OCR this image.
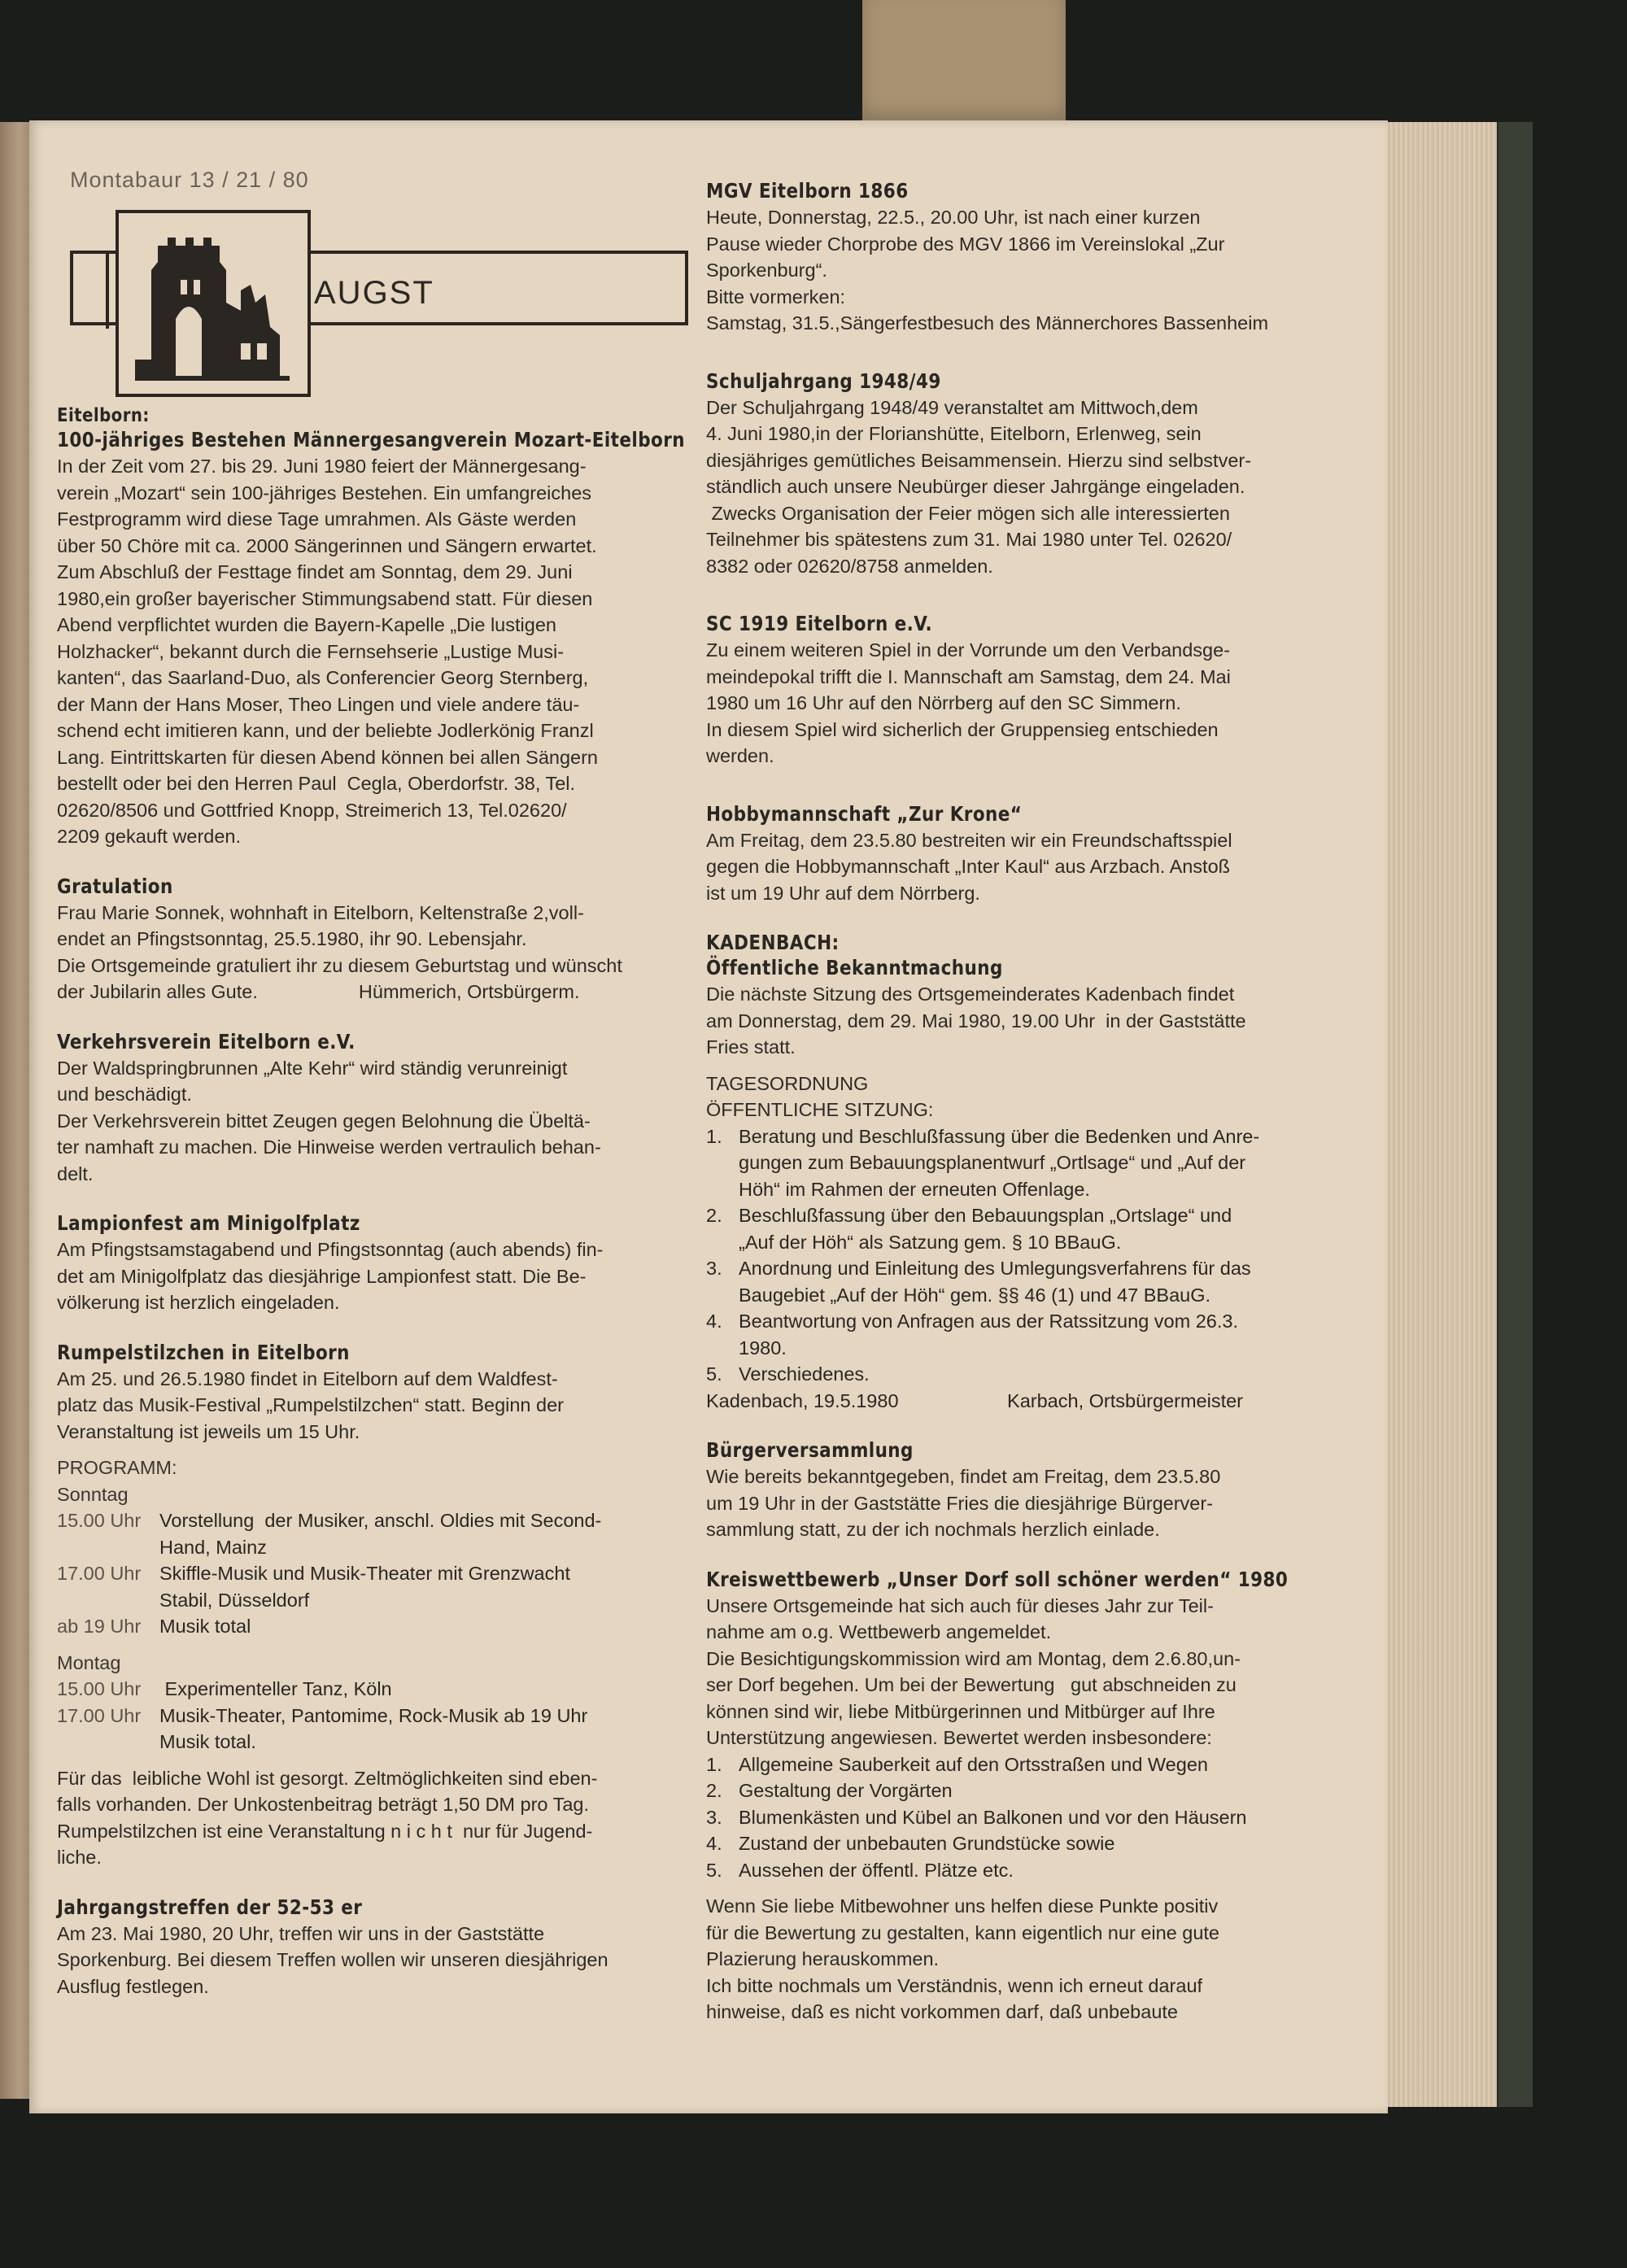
Montabaur 13 / 21 / 80
AUGST
Eitelborn:
100-jähriges Bestehen Männergesangverein Mozart-Eitelborn
In der Zeit vom 27. bis 29. Juni 1980 feiert der Männergesang-
verein „Mozart“ sein 100-jähriges Bestehen. Ein umfangreiches
Festprogramm wird diese Tage umrahmen. Als Gäste werden
über 50 Chöre mit ca. 2000 Sängerinnen und Sängern erwartet.
Zum Abschluß der Festtage findet am Sonntag, dem 29. Juni
1980,ein großer bayerischer Stimmungsabend statt. Für diesen
Abend verpflichtet wurden die Bayern-Kapelle „Die lustigen
Holzhacker“, bekannt durch die Fernsehserie „Lustige Musi-
kanten“, das Saarland-Duo, als Conferencier Georg Sternberg,
der Mann der Hans Moser, Theo Lingen und viele andere täu-
schend echt imitieren kann, und der beliebte Jodlerkönig Franzl
Lang. Eintrittskarten für diesen Abend können bei allen Sängern
bestellt oder bei den Herren Paul  Cegla, Oberdorfstr. 38, Tel.
02620/8506 und Gottfried Knopp, Streimerich 13, Tel.02620/
2209 gekauft werden.
Gratulation
Frau Marie Sonnek, wohnhaft in Eitelborn, Keltenstraße 2,voll-
endet an Pfingstsonntag, 25.5.1980, ihr 90. Lebensjahr.
Die Ortsgemeinde gratuliert ihr zu diesem Geburtstag und wünscht
der Jubilarin alles Gute.                   Hümmerich, Ortsbürgerm.
Verkehrsverein Eitelborn e.V.
Der Waldspringbrunnen „Alte Kehr“ wird ständig verunreinigt
und beschädigt.
Der Verkehrsverein bittet Zeugen gegen Belohnung die Übeltä-
ter namhaft zu machen. Die Hinweise werden vertraulich behan-
delt.
Lampionfest am Minigolfplatz
Am Pfingstsamstagabend und Pfingstsonntag (auch abends) fin-
det am Minigolfplatz das diesjährige Lampionfest statt. Die Be-
völkerung ist herzlich eingeladen.
Rumpelstilzchen in Eitelborn
Am 25. und 26.5.1980 findet in Eitelborn auf dem Waldfest-
platz das Musik-Festival „Rumpelstilzchen“ statt. Beginn der
Veranstaltung ist jeweils um 15 Uhr.
PROGRAMM:
Sonntag
15.00 Uhr Vorstellung  der Musiker, anschl. Oldies mit Second-
Hand, Mainz
17.00 Uhr Skiffle-Musik und Musik-Theater mit Grenzwacht
Stabil, Düsseldorf
ab 19 Uhr Musik total
Montag
15.00 Uhr Experimenteller Tanz, Köln
17.00 Uhr Musik-Theater, Pantomime, Rock-Musik ab 19 Uhr
Musik total.
Für das  leibliche Wohl ist gesorgt. Zeltmöglichkeiten sind eben-
falls vorhanden. Der Unkostenbeitrag beträgt 1,50 DM pro Tag.
Rumpelstilzchen ist eine Veranstaltung n i c h t  nur für Jugend-
liche.
Jahrgangstreffen der 52-53 er
Am 23. Mai 1980, 20 Uhr, treffen wir uns in der Gaststätte
Sporkenburg. Bei diesem Treffen wollen wir unseren diesjährigen
Ausflug festlegen.
MGV Eitelborn 1866
Heute, Donnerstag, 22.5., 20.00 Uhr, ist nach einer kurzen
Pause wieder Chorprobe des MGV 1866 im Vereinslokal „Zur
Sporkenburg“.
Bitte vormerken:
Samstag, 31.5.,Sängerfestbesuch des Männerchores Bassenheim
Schuljahrgang 1948/49
Der Schuljahrgang 1948/49 veranstaltet am Mittwoch,dem
4. Juni 1980,in der Florianshütte, Eitelborn, Erlenweg, sein
diesjähriges gemütliches Beisammensein. Hierzu sind selbstver-
ständlich auch unsere Neubürger dieser Jahrgänge eingeladen.
Zwecks Organisation der Feier mögen sich alle interessierten
Teilnehmer bis spätestens zum 31. Mai 1980 unter Tel. 02620/
8382 oder 02620/8758 anmelden.
SC 1919 Eitelborn e.V.
Zu einem weiteren Spiel in der Vorrunde um den Verbandsge-
meindepokal trifft die I. Mannschaft am Samstag, dem 24. Mai
1980 um 16 Uhr auf den Nörrberg auf den SC Simmern.
In diesem Spiel wird sicherlich der Gruppensieg entschieden
werden.
Hobbymannschaft „Zur Krone“
Am Freitag, dem 23.5.80 bestreiten wir ein Freundschaftsspiel
gegen die Hobbymannschaft „Inter Kaul“ aus Arzbach. Anstoß
ist um 19 Uhr auf dem Nörrberg.
KADENBACH:
Öffentliche Bekanntmachung
Die nächste Sitzung des Ortsgemeinderates Kadenbach findet
am Donnerstag, dem 29. Mai 1980, 19.00 Uhr  in der Gaststätte
Fries statt.
TAGESORDNUNG
ÖFFENTLICHE SITZUNG:
1. Beratung und Beschlußfassung über die Bedenken und Anre-
gungen zum Bebauungsplanentwurf „Ortlsage“ und „Auf der
Höh“ im Rahmen der erneuten Offenlage.
2. Beschlußfassung über den Bebauungsplan „Ortslage“ und
„Auf der Höh“ als Satzung gem. § 10 BBauG.
3. Anordnung und Einleitung des Umlegungsverfahrens für das
Baugebiet „Auf der Höh“ gem. §§ 46 (1) und 47 BBauG.
4. Beantwortung von Anfragen aus der Ratssitzung vom 26.3.
1980.
5. Verschiedenes.
Kadenbach, 19.5.1980	Karbach, Ortsbürgermeister
Bürgerversammlung
Wie bereits bekanntgegeben, findet am Freitag, dem 23.5.80
um 19 Uhr in der Gaststätte Fries die diesjährige Bürgerver-
sammlung statt, zu der ich nochmals herzlich einlade.
Kreiswettbewerb „Unser Dorf soll schöner werden“ 1980
Unsere Ortsgemeinde hat sich auch für dieses Jahr zur Teil-
nahme am o.g. Wettbewerb angemeldet.
Die Besichtigungskommission wird am Montag, dem 2.6.80,un-
ser Dorf begehen. Um bei der Bewertung   gut abschneiden zu
können sind wir, liebe Mitbürgerinnen und Mitbürger auf Ihre
Unterstützung angewiesen. Bewertet werden insbesondere:
1. Allgemeine Sauberkeit auf den Ortsstraßen und Wegen
2. Gestaltung der Vorgärten
3. Blumenkästen und Kübel an Balkonen und vor den Häusern
4. Zustand der unbebauten Grundstücke sowie
5. Aussehen der öffentl. Plätze etc.
Wenn Sie liebe Mitbewohner uns helfen diese Punkte positiv
für die Bewertung zu gestalten, kann eigentlich nur eine gute
Plazierung herauskommen.
Ich bitte nochmals um Verständnis, wenn ich erneut darauf
hinweise, daß es nicht vorkommen darf, daß unbebaute
